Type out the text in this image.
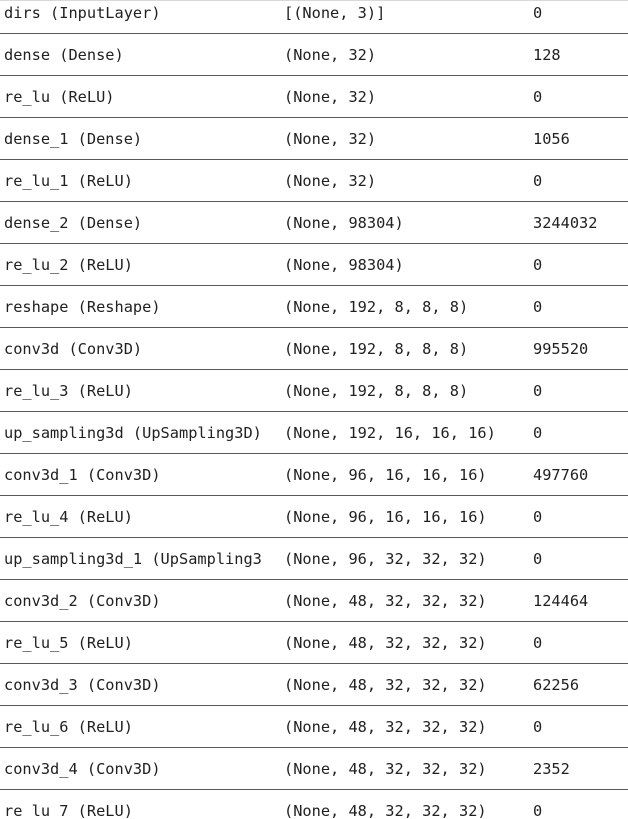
dirs (InputLayer)	[(None, 3)]	0
dense (Dense)	(None, 32)	128
re_lu (ReLU)	(None, 32)	0
dense_1 (Dense)	(None, 32)	1056
re_lu_1 (ReLU)	(None, 32)	0
dense_2 (Dense)	(None, 98304)	3244032
re_lu_2 (ReLU)	(None, 98304)	0
reshape (Reshape)	(None, 192, 8, 8, 8)	0
conv3d (Conv3D)	(None, 192, 8, 8, 8)	995520
re_lu_3 (ReLU)	(None, 192, 8, 8, 8)	0
up_sampling3d (UpSampling3D)	(None, 192, 16, 16, 16)	0
conv3d_1 (Conv3D)	(None, 96, 16, 16, 16)	497760
re_lu_4 (ReLU)	(None, 96, 16, 16, 16)	0
up_sampling3d_1 (UpSampling3	(None, 96, 32, 32, 32)	0
conv3d_2 (Conv3D)	(None, 48, 32, 32, 32)	124464
re_lu_5 (ReLU)	(None, 48, 32, 32, 32)	0
conv3d_3 (Conv3D)	(None, 48, 32, 32, 32)	62256
re_lu_6 (ReLU)	(None, 48, 32, 32, 32)	0
conv3d_4 (Conv3D)	(None, 48, 32, 32, 32)	2352
re_lu_7 (ReLU)	(None, 48, 32, 32, 32)	0
